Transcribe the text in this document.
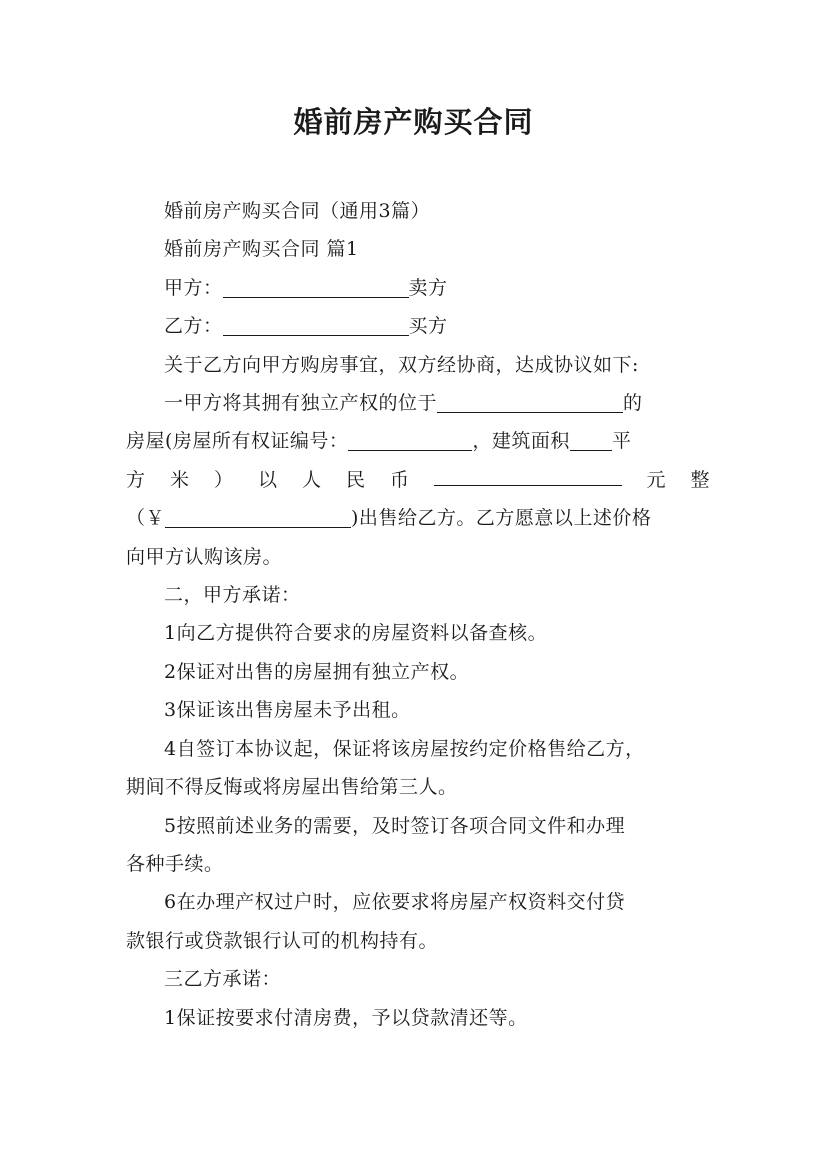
婚前房产购买合同
婚前房产购买合同（通用3篇）
婚前房产购买合同 篇1
甲方：	卖方
乙方：	买方
关于乙方向甲方购房事宜，双方经协商，达成协议如下:
一甲方将其拥有独立产权的位于	的
房屋(房屋所有权证编号：	，建筑面积 平
方 米 ） 以 人 民 币	元 整
（￥	)出售给乙方。乙方愿意以上述价格
向甲方认购该房。
二，甲方承诺：
1向乙方提供符合要求的房屋资料以备查核。
2保证对出售的房屋拥有独立产权。
3保证该出售房屋未予出租。
4自签订本协议起，保证将该房屋按约定价格售给乙方，
期间不得反悔或将房屋出售给第三人。
5按照前述业务的需要，及时签订各项合同文件和办理
各种手续。
6在办理产权过户时，应依要求将房屋产权资料交付贷
款银行或贷款银行认可的机构持有。
三乙方承诺：
1保证按要求付清房费，予以贷款清还等。
